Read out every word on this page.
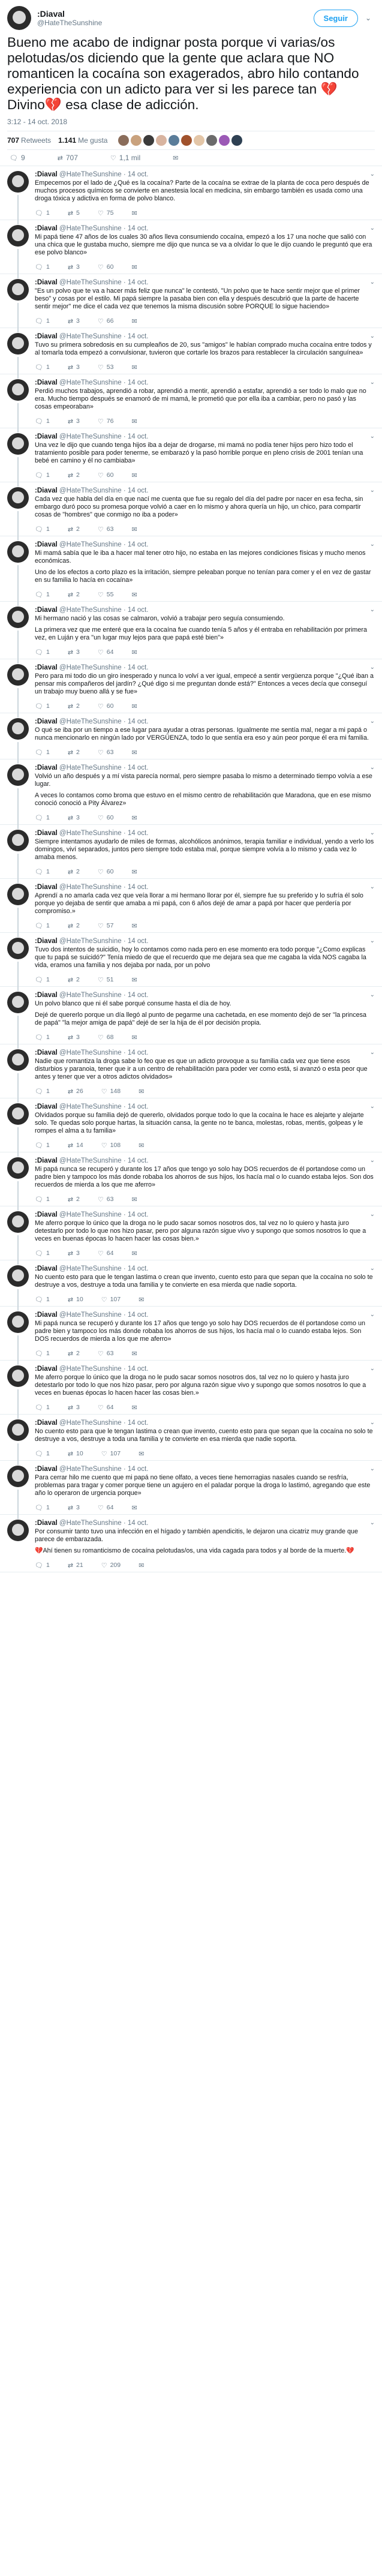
:Diaval
@HateTheSunshine
Seguir	⌄
Bueno me acabo de indignar posta porque vi varias/os pelotudas/os diciendo que la gente que aclara que NO romanticen la cocaína son exagerados, abro hilo contando experiencia con un adicto para ver si les parece tan 💔Divino💔 esa clase de adicción.
3:12 - 14 oct. 2018
707 Retweets 1.141 Me gusta
🗨︎ 9	⇄ 707	♡ 1,1 mil	✉
:Diaval @HateTheSunshine · 14 oct.

Empecemos por el lado de ¿Qué es la cocaína? Parte de la cocaína se extrae de la planta de coca pero después de muchos procesos químicos se convierte en anestesia local en medicina, sin embargo también es usada como una droga tóxica y adictiva en forma de polvo blanco.

🗨︎ 1	⇄ 5	♡ 75	✉
⌄
:Diaval @HateTheSunshine · 14 oct.

Mi papá tiene 47 años de los cuales 30 años lleva consumiendo cocaína, empezó a los 17 una noche que salió con una chica que le gustaba mucho, siempre me dijo que nunca se va a olvidar lo que le dijo cuando le preguntó que era ese polvo blanco»

🗨︎ 1	⇄ 3	♡ 60	✉
⌄
:Diaval @HateTheSunshine · 14 oct.

"Es un polvo que te va a hacer más feliz que nunca" le contestó, "Un polvo que te hace sentir mejor que el primer beso" y cosas por el estilo. Mi papá siempre la pasaba bien con ella y después descubrió que la parte de hacerte sentir mejor" me dice el cada vez que tenemos la misma discusión sobre PORQUE lo sigue haciendo»

🗨︎ 1	⇄ 3	♡ 66	✉
⌄
:Diaval @HateTheSunshine · 14 oct.

Tuvo su primera sobredosis en su cumpleaños de 20, sus "amigos" le habían comprado mucha cocaína entre todos y al tomarla toda empezó a convulsionar, tuvieron que cortarle los brazos para restablecer la circulación sanguínea»

🗨︎ 1	⇄ 3	♡ 53	✉
⌄
:Diaval @HateTheSunshine · 14 oct.

Perdió muchos trabajos, aprendió a robar, aprendió a mentir, aprendió a estafar, aprendió a ser todo lo malo que no era. Mucho tiempo después se enamoró de mi mamá, le prometió que por ella iba a cambiar, pero no pasó y las cosas empeoraban»

🗨︎ 1	⇄ 3	♡ 76	✉
⌄
:Diaval @HateTheSunshine · 14 oct.

Una vez le dijo que cuando tenga hijos iba a dejar de drogarse, mi mamá no podía tener hijos pero hizo todo el tratamiento posible para poder tenerme, se embarazó y la pasó horrible porque en pleno crisis de 2001 tenían una bebé en camino y él no cambiaba»

🗨︎ 1	⇄ 2	♡ 60	✉
⌄
:Diaval @HateTheSunshine · 14 oct.

Cada vez que habla del día en que nací me cuenta que fue su regalo del día del padre por nacer en esa fecha, sin embargo duró poco su promesa porque volvió a caer en lo mismo y ahora quería un hijo, un chico, para compartir cosas de "hombres" que conmigo no iba a poder»

🗨︎ 1	⇄ 2	♡ 63	✉
⌄
:Diaval @HateTheSunshine · 14 oct.

Mi mamá sabía que le iba a hacer mal tener otro hijo, no estaba en las mejores condiciones físicas y mucho menos económicas.

Uno de los efectos a corto plazo es la irritación, siempre peleaban porque no tenían para comer y el en vez de gastar en su familia lo hacía en cocaína»

🗨︎ 1	⇄ 2	♡ 55	✉
⌄
:Diaval @HateTheSunshine · 14 oct.

Mi hermano nació y las cosas se calmaron, volvió a trabajar pero seguía consumiendo.

La primera vez que me enteré que era la cocaína fue cuando tenía 5 años y él entraba en rehabilitación por primera vez, en Luján y era "un lugar muy lejos para que papá esté bien"»

🗨︎ 1	⇄ 3	♡ 64	✉
⌄
:Diaval @HateTheSunshine · 14 oct.

Pero para mi todo dio un giro inesperado y nunca lo volví a ver igual, empecé a sentir vergüenza porque "¿Qué iban a pensar mis compañeros del jardín? ¿Qué digo si me preguntan donde está?" Entonces a veces decía que conseguí un trabajo muy bueno allá y se fue»

🗨︎ 1	⇄ 2	♡ 60	✉
⌄
:Diaval @HateTheSunshine · 14 oct.

O qué se iba por un tiempo a ese lugar para ayudar a otras personas. Igualmente me sentía mal, negar a mi papá o nunca mencionarlo en ningún lado por VERGÜENZA, todo lo que sentía era eso y aún peor porque él era mi familia.

🗨︎ 1	⇄ 2	♡ 63	✉
⌄
:Diaval @HateTheSunshine · 14 oct.

Volvió un año después y a mí vista parecía normal, pero siempre pasaba lo mismo a determinado tiempo volvía a ese lugar.

A veces lo contamos como broma que estuvo en el mismo centro de rehabilitación que Maradona, que en ese mismo conoció conoció a Pity Álvarez»

🗨︎ 1	⇄ 3	♡ 60	✉
⌄
:Diaval @HateTheSunshine · 14 oct.

Siempre intentamos ayudarlo de miles de formas, alcohólicos anónimos, terapia familiar e individual, yendo a verlo los domingos, viví separados, juntos pero siempre todo estaba mal, porque siempre volvía a lo mismo y cada vez lo amaba menos.

🗨︎ 1	⇄ 2	♡ 60	✉
⌄
:Diaval @HateTheSunshine · 14 oct.

Aprendí a no amarla cada vez que veía llorar a mi hermano llorar por él, siempre fue su preferido y lo sufría él solo porque yo dejaba de sentir que amaba a mi papá, con 6 años dejé de amar a papá por hacer que perdería por compromiso.»

🗨︎ 1	⇄ 2	♡ 57	✉
⌄
:Diaval @HateTheSunshine · 14 oct.

Tuvo dos intentos de suicidio, hoy lo contamos como nada pero en ese momento era todo porque "¿Como explicas que tu papá se suicidó?" Tenía miedo de que el recuerdo que me dejara sea que me cagaba la vida NOS cagaba la vida, eramos una familia y nos dejaba por nada, por un polvo

🗨︎ 1	⇄ 2	♡ 51	✉
⌄
:Diaval @HateTheSunshine · 14 oct.

Un polvo blanco que ni él sabe porqué consume hasta el día de hoy.

Dejé de quererlo porque un día llegó al punto de pegarme una cachetada, en ese momento dejó de ser "la princesa de papá" "la mejor amiga de papá" dejé de ser la hija de él por decisión propia.

🗨︎ 1	⇄ 3	♡ 68	✉
⌄
:Diaval @HateTheSunshine · 14 oct.

Nadie que romantiza la droga sabe lo feo que es que un adicto provoque a su familia cada vez que tiene esos disturbios y paranoia, tener que ir a un centro de rehabilitación para poder ver como está, si avanzó o esta peor que antes y tener que ver a otros adictos olvidados»

🗨︎ 1	⇄ 26	♡ 148	✉
⌄
:Diaval @HateTheSunshine · 14 oct.

Olvidados porque su familia dejó de quererlo, olvidados porque todo lo que la cocaína le hace es alejarte y alejarte solo. Te quedas solo porque hartas, la situación cansa, la gente no te banca, molestas, robas, mentis, golpeas y le rompes el alma a tu familia»

🗨︎ 1	⇄ 14	♡ 108	✉
⌄
:Diaval @HateTheSunshine · 14 oct.

Mi papá nunca se recuperó y durante los 17 años que tengo yo solo hay DOS recuerdos de él portandose como un padre bien y tampoco los más donde robaba los ahorros de sus hijos, los hacía mal o lo cuando estaba lejos. Son dos recuerdos de mierda a los que me aferro»

🗨︎ 1	⇄ 2	♡ 63	✉
⌄
:Diaval @HateTheSunshine · 14 oct.

Me aferro porque lo único que la droga no le pudo sacar somos nosotros dos, tal vez no lo quiero y hasta juro detestarlo por todo lo que nos hizo pasar, pero por alguna razón sigue vivo y supongo que somos nosotros lo que a veces en buenas épocas lo hacen hacer las cosas bien.»

🗨︎ 1	⇄ 3	♡ 64	✉
⌄
:Diaval @HateTheSunshine · 14 oct.

No cuento esto para que le tengan lastima o crean que invento, cuento esto para que sepan que la cocaína no solo te destruye a vos, destruye a toda una familia y te convierte en esa mierda que nadie soporta.

🗨︎ 1	⇄ 10	♡ 107	✉
⌄
:Diaval @HateTheSunshine · 14 oct.

Mi papá nunca se recuperó y durante los 17 años que tengo yo solo hay DOS recuerdos de él portandose como un padre bien y tampoco los más donde robaba los ahorros de sus hijos, los hacía mal o lo cuando estaba lejos. Son DOS recuerdos de mierda a los que me aferro»

🗨︎ 1	⇄ 2	♡ 63	✉
⌄
:Diaval @HateTheSunshine · 14 oct.

Me aferro porque lo único que la droga no le pudo sacar somos nosotros dos, tal vez no lo quiero y hasta juro detestarlo por todo lo que nos hizo pasar, pero por alguna razón sigue vivo y supongo que somos nosotros lo que a veces en buenas épocas lo hacen hacer las cosas bien.»

🗨︎ 1	⇄ 3	♡ 64	✉
⌄
:Diaval @HateTheSunshine · 14 oct.

No cuento esto para que le tengan lastima o crean que invento, cuento esto para que sepan que la cocaína no solo te destruye a vos, destruye a toda una familia y te convierte en esa mierda que nadie soporta.

🗨︎ 1	⇄ 10	♡ 107	✉
⌄
:Diaval @HateTheSunshine · 14 oct.

Para cerrar hilo me cuento que mi papá no tiene olfato, a veces tiene hemorragias nasales cuando se resfría, problemas para tragar y comer porque tiene un agujero en el paladar porque la droga lo lastimó, agregando que este año lo operaron de urgencia porque»

🗨︎ 1	⇄ 3	♡ 64	✉
⌄
:Diaval @HateTheSunshine · 14 oct.

Por consumir tanto tuvo una infección en el hígado y también apendicitis, le dejaron una cicatriz muy grande que parece de embarazada.

💔Ahí tienen su romanticismo de cocaína pelotudas/os, una vida cagada para todos y al borde de la muerte.💔

🗨︎ 1	⇄ 21	♡ 209	✉
⌄
